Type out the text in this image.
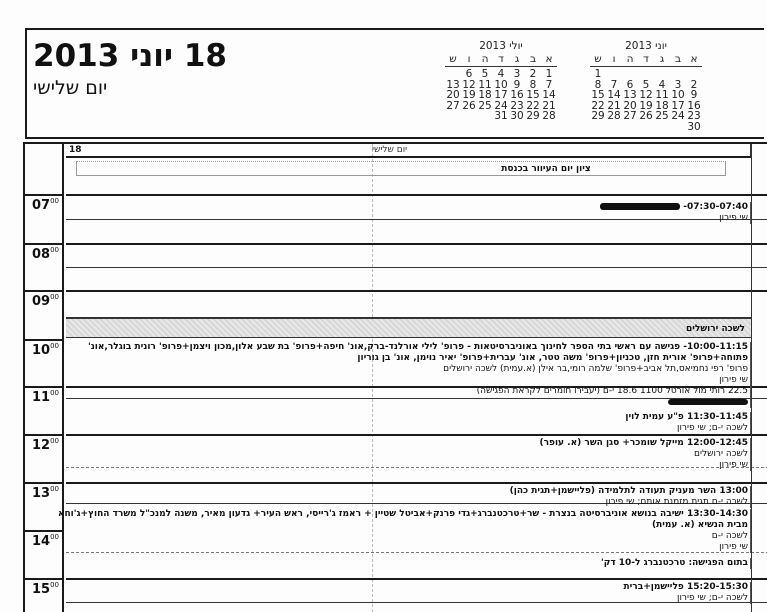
18 יוני 2013
יום שלישי
יולי 2013
א
ב
ג
ד
ה
ו
ש
1
2
3
4
5
6
7
8
9
10
11
12
13
14
15
16
17
18
19
20
21
22
23
24
25
26
27
28
29
30
31
יוני 2013
א
ב
ג
ד
ה
ו
ש
1
2
3
4
5
6
7
8
9
10
11
12
13
14
15
16
17
18
19
20
21
22
23
24
25
26
27
28
29
30
$07^{00}$
$08^{00}$
$09^{00}$
$10^{00}$
$11^{00}$
$12^{00}$
$13^{00}$
$14^{00}$
$15^{00}$
18	יום שלישי
ציון יום העיוור בכנסת
לשכה ירושלים
07:30-07:40-
שי פירון
10:00-11:15- פגישה עם ראשי בתי הספר לחינוך באוניברסיטאות - פרופ' לילי אורלנד-ברק,אונ' חיפה+פרופ' בת שבע אלון,מכון ויצמן+פרופ' רונית בוגלר,אונ'
פתוחה+פרופ' אורית חזן, טכניון+פרופ' משה טטר, אונ' עברית+פרופ' יאיר נוימן, אונ' בן גוריון
פרופ' רפי נחמיאס,תל אביב+פרופ' שלמה רומי,בר אילן (א.עמית) לשכה ירושלים
שי פירון
22.5 רותי מול אורטל 1100 18.6 י-ם (יעבירו חומרים לקראת הפגישה)
11:30-11:45 פ"ע עמית לוין
לשכה י-ם; שי פירון
12:00-12:45 מייקל שומכר+ סגן השר (א. עופר)
לשכה ירושלים
שי פירון
13:00 השר מעניק תעודה לתלמידה (פליישמן+תגית כהן)
לשכה י-ם תגית מזמנת אותם; שי פירון
13:30-14:30 ישיבה בנושא אוניברסיטה בנצרת - שר+טרכטנברג+גדי פרנק+אביטל שטיין + ראמז ג'רייסי, ראש העיר+ גדעון מאיר, משנה למנכ"ל משרד החוץ+ג'וחא
מבית הנשיא (א. עמית)
לשכה י-ם
שי פירון
בתום הפגישה: טרכטנברג ל-10 דק'
15:20-15:30 פליישמן+ברית
לשכה י-ם; שי פירון
